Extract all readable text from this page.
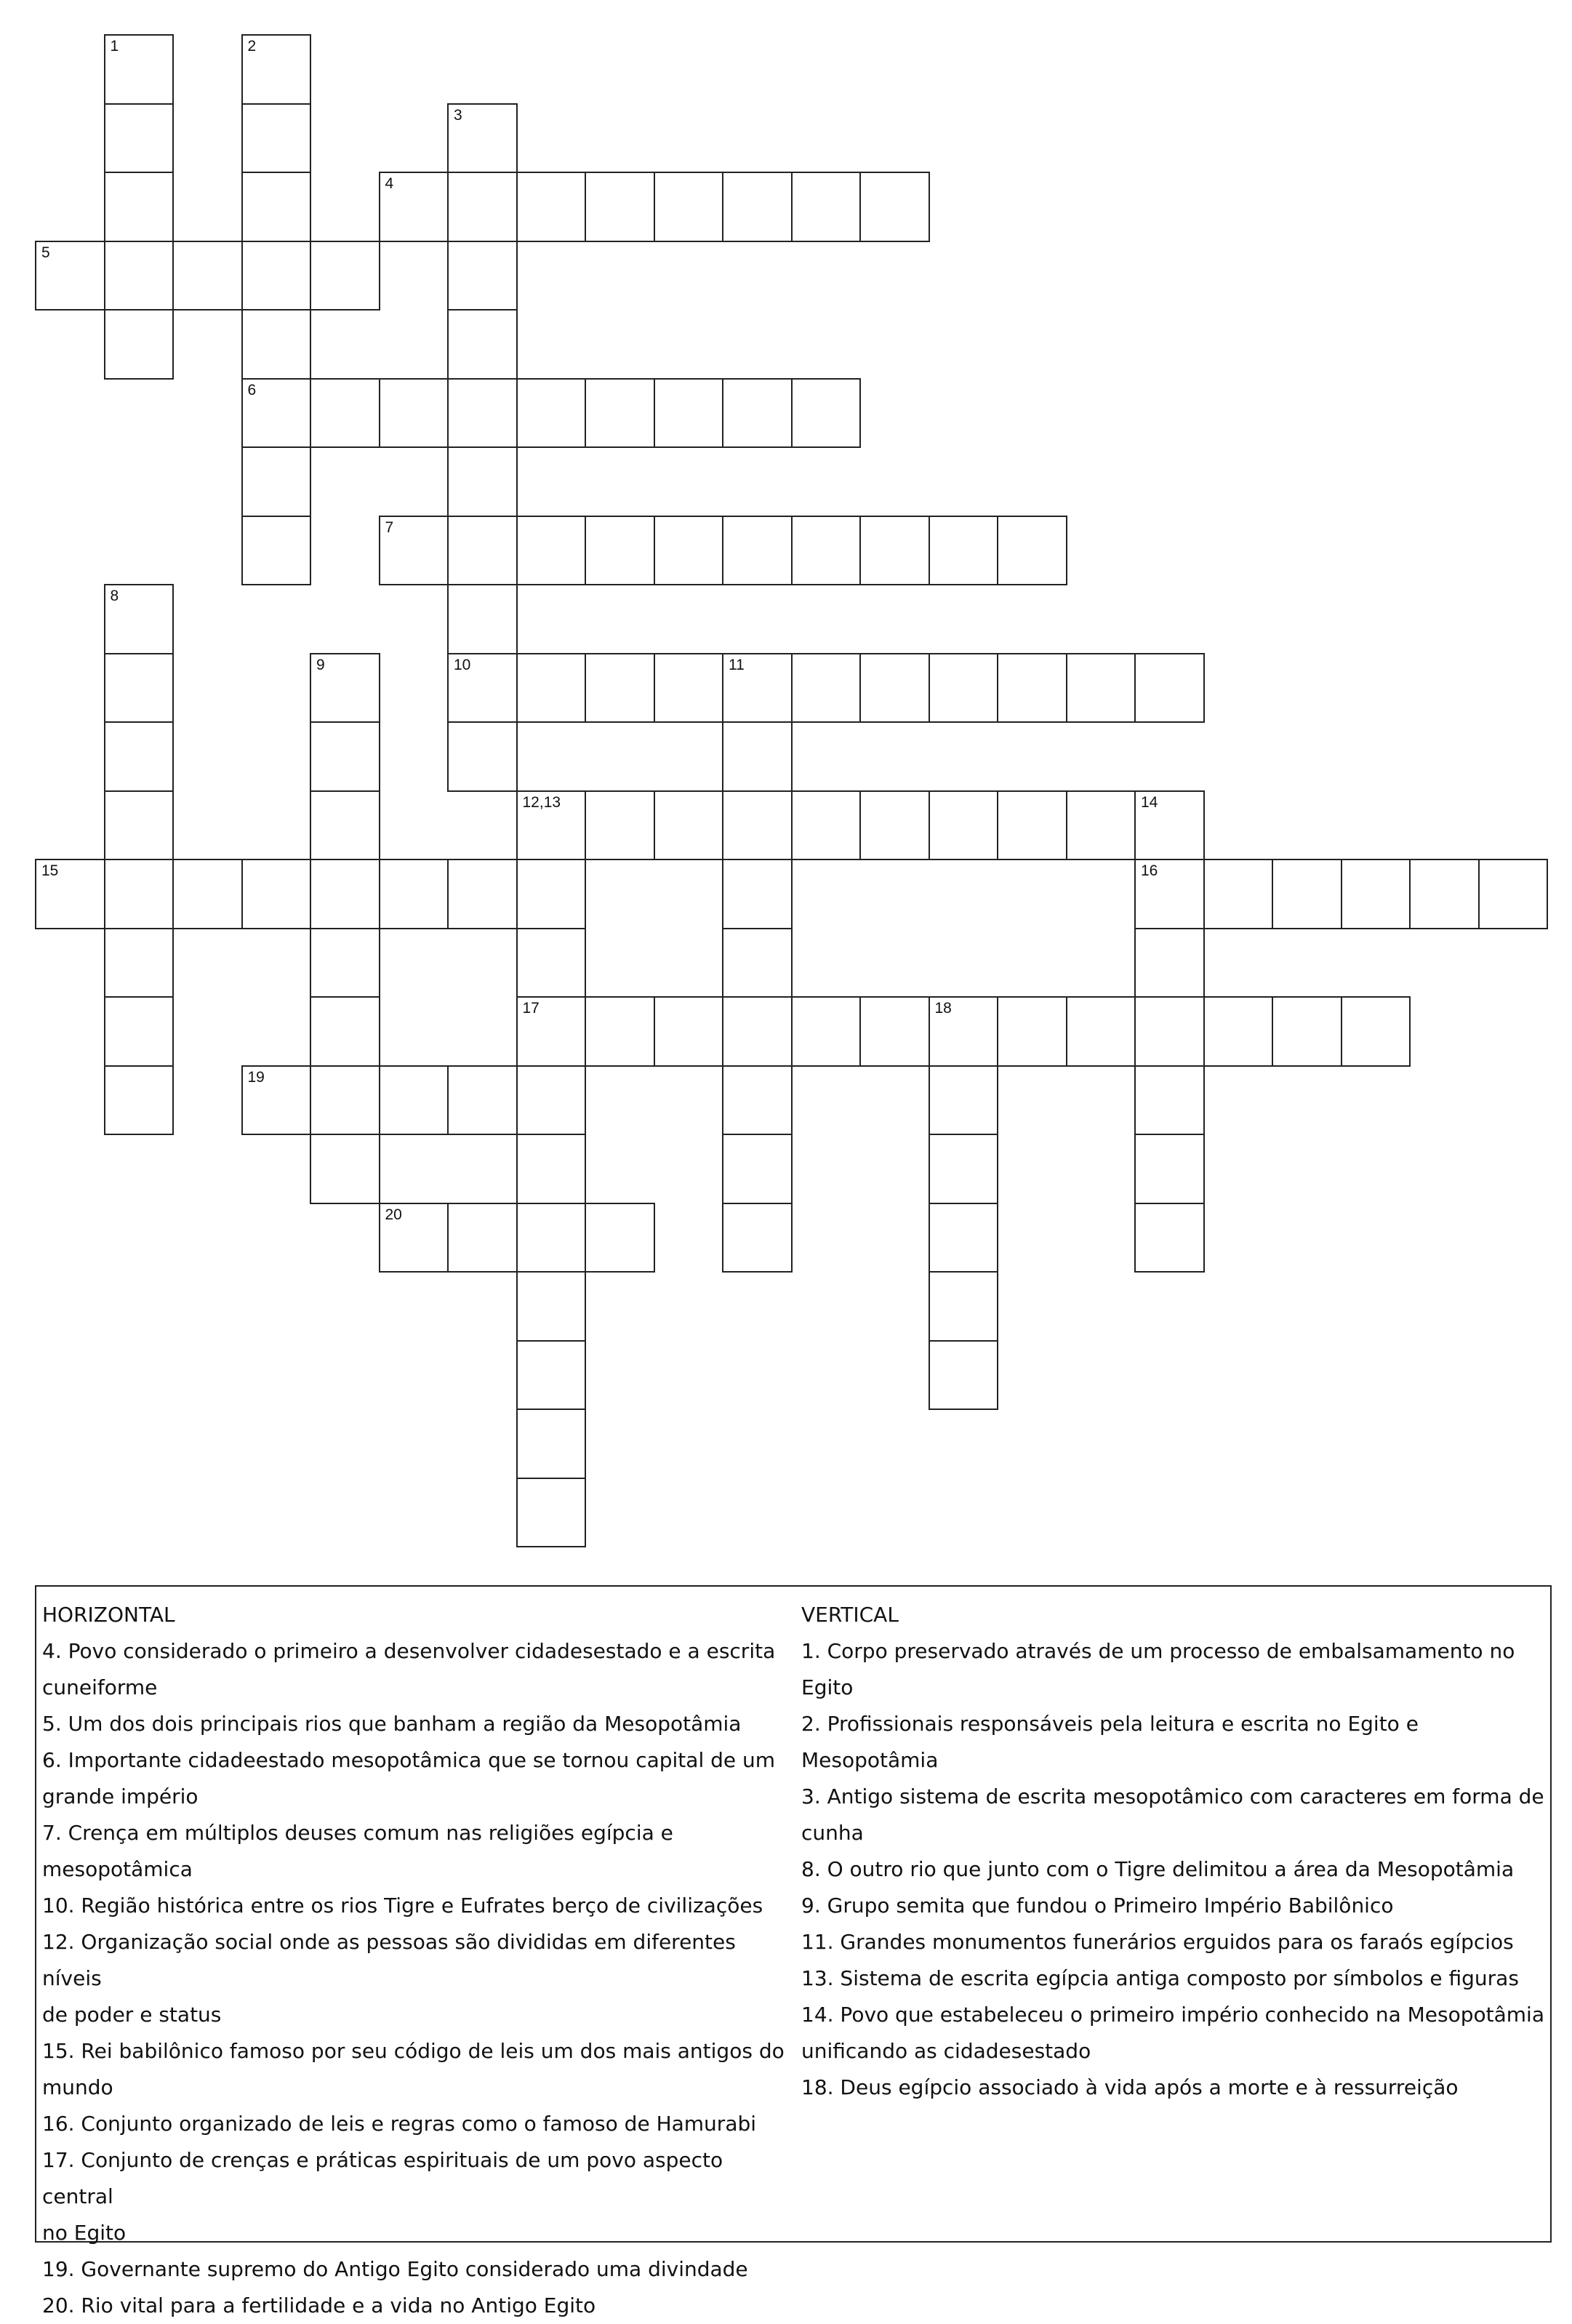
1	2
3
4
5
6
7
8
9	10	11
12,13	14
15	16
17	18
19
20
HORIZONTAL
4. Povo considerado o primeiro a desenvolver cidadesestado e a escrita
cuneiforme
5. Um dos dois principais rios que banham a região da Mesopotâmia
6. Importante cidadeestado mesopotâmica que se tornou capital de um
grande império
7. Crença em múltiplos deuses comum nas religiões egípcia e mesopotâmica
10. Região histórica entre os rios Tigre e Eufrates berço de civilizações
12. Organização social onde as pessoas são divididas em diferentes níveis
de poder e status
15. Rei babilônico famoso por seu código de leis um dos mais antigos do
mundo
16. Conjunto organizado de leis e regras como o famoso de Hamurabi
17. Conjunto de crenças e práticas espirituais de um povo aspecto central
no Egito
19. Governante supremo do Antigo Egito considerado uma divindade
20. Rio vital para a fertilidade e a vida no Antigo Egito
VERTICAL
1. Corpo preservado através de um processo de embalsamamento no Egito
2. Profissionais responsáveis pela leitura e escrita no Egito e Mesopotâmia
3. Antigo sistema de escrita mesopotâmico com caracteres em forma de
cunha
8. O outro rio que junto com o Tigre delimitou a área da Mesopotâmia
9. Grupo semita que fundou o Primeiro Império Babilônico
11. Grandes monumentos funerários erguidos para os faraós egípcios
13. Sistema de escrita egípcia antiga composto por símbolos e figuras
14. Povo que estabeleceu o primeiro império conhecido na Mesopotâmia
unificando as cidadesestado
18. Deus egípcio associado à vida após a morte e à ressurreição
